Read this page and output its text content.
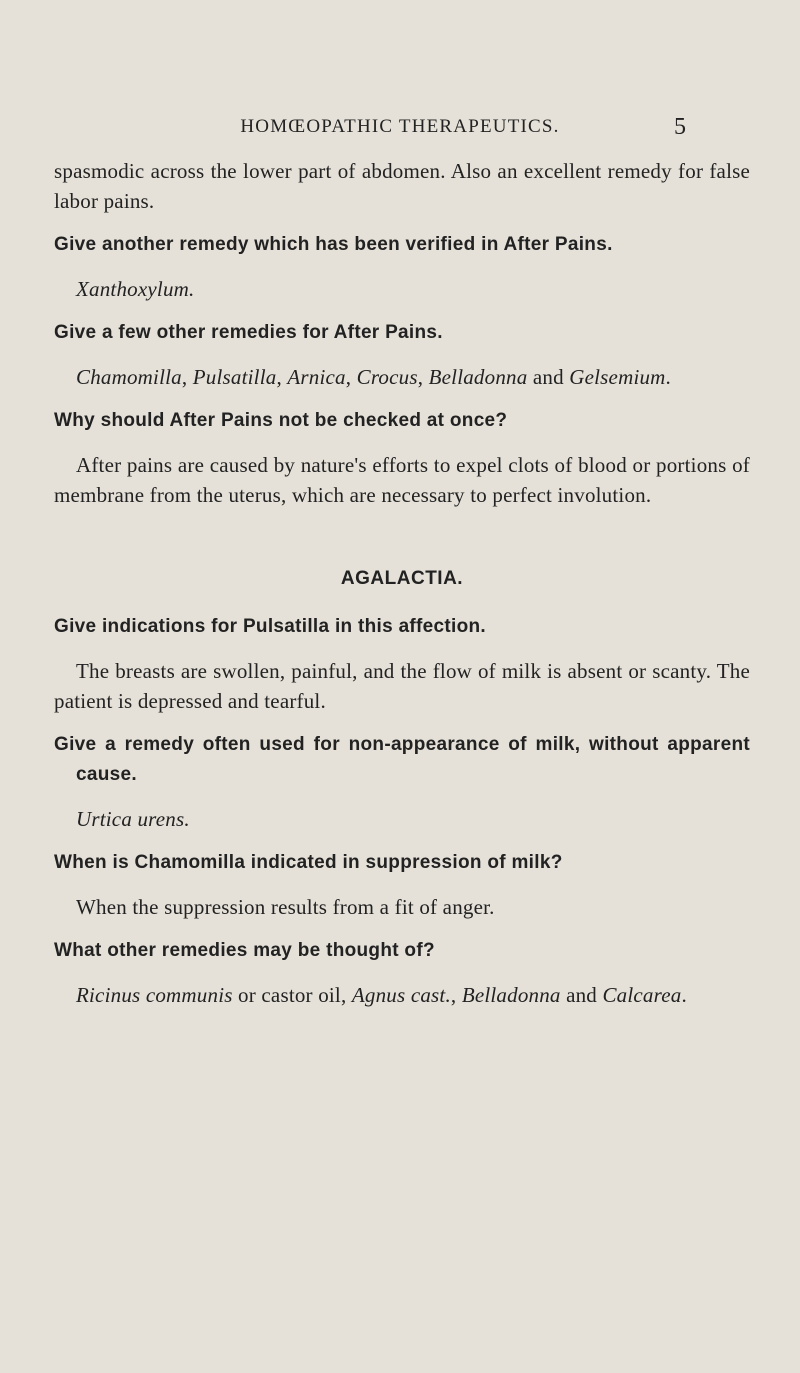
HOMŒOPATHIC THERAPEUTICS.	5

spasmodic across the lower part of abdomen. Also an excellent remedy for false labor pains.

Give another remedy which has been verified in After Pains.

Xanthoxylum.

Give a few other remedies for After Pains.

Chamomilla, Pulsatilla, Arnica, Crocus, Belladonna and Gelsemium.

Why should After Pains not be checked at once?

After pains are caused by nature's efforts to expel clots of blood or portions of membrane from the uterus, which are necessary to perfect involution.

AGALACTIA.

Give indications for Pulsatilla in this affection.

The breasts are swollen, painful, and the flow of milk is absent or scanty. The patient is depressed and tearful.

Give a remedy often used for non-appearance of milk, without apparent cause.

Urtica urens.

When is Chamomilla indicated in suppression of milk?

When the suppression results from a fit of anger.

What other remedies may be thought of?

Ricinus communis or castor oil, Agnus cast., Belladonna and Calcarea.
